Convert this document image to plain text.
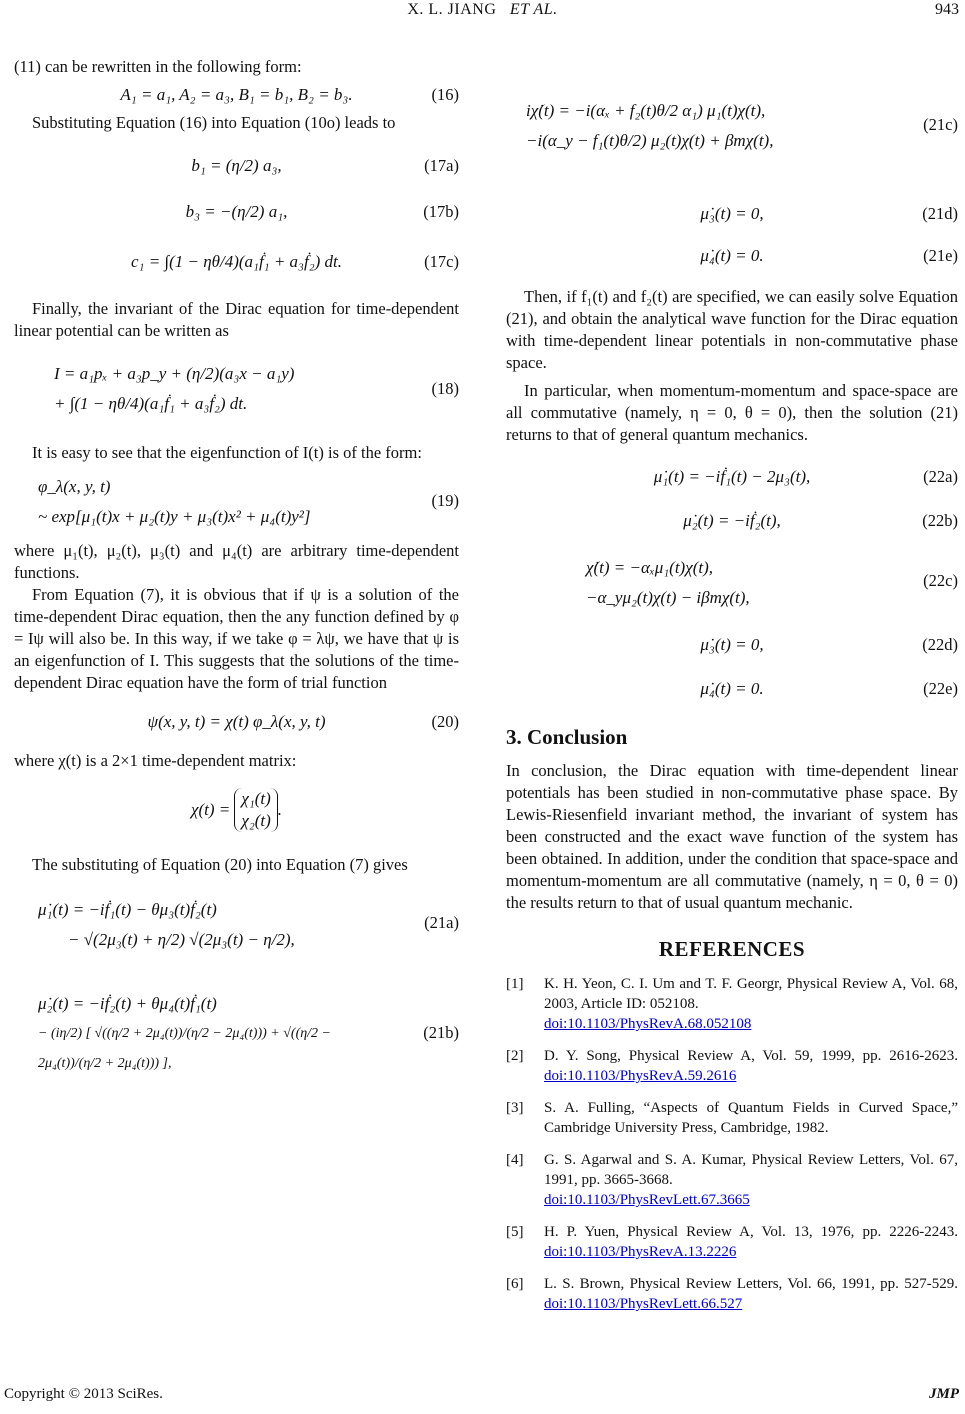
X. L. JIANG ET AL.	943

(11) can be rewritten in the following form:

A₁ = a₁, A₂ = a₃, B₁ = b₁, B₂ = b₃.	(16)

Substituting Equation (16) into Equation (10o) leads to

b₁ = (η/2) a₃,	(17a)
b₃ = −(η/2) a₁,	(17b)
c₁ = ∫(1 − ηθ/4)(a₁ḟ₁ + a₃ḟ₂) dt.	(17c)

Finally, the invariant of the Dirac equation for time-dependent linear potential can be written as

I = a₁pₓ + a₃p_y + (η/2)(a₃x − a₁y)
+ ∫(1 − ηθ/4)(a₁ḟ₁ + a₃ḟ₂) dt.
(18)

It is easy to see that the eigenfunction of I(t) is of the form:

φ_λ(x, y, t)
~ exp[μ₁(t)x + μ₂(t)y + μ₃(t)x² + μ₄(t)y²]
(19)

where μ₁(t), μ₂(t), μ₃(t) and μ₄(t) are arbitrary time-dependent functions.

From Equation (7), it is obvious that if ψ is a solution of the time-dependent Dirac equation, then the any function defined by φ = Iψ will also be. In this way, if we take φ = λψ, we have that ψ is an eigenfunction of I. This suggests that the solutions of the time-dependent Dirac equation have the form of trial function

ψ(x, y, t) = χ(t) φ_λ(x, y, t)	(20)

where χ(t) is a 2×1 time-dependent matrix:

χ(t) =

χ₁(t)
χ₂(t)
.

The substituting of Equation (20) into Equation (7) gives

μ̇₁(t) = −iḟ₁(t) − θμ₃(t)ḟ₂(t)
− √(2μ₃(t) + η/2) √(2μ₃(t) − η/2),
(21a)
μ̇₂(t) = −iḟ₂(t) + θμ₄(t)ḟ₁(t)
− (iη/2) [ √((η/2 + 2μ₄(t))/(η/2 − 2μ₄(t))) + √((η/2 − 2μ₄(t))/(η/2 + 2μ₄(t))) ],
(21b)
iχ̇(t) = −i(αₓ + f₂(t)θ/2 α₁) μ₁(t)χ(t),
−i(α_y − f₁(t)θ/2) μ₂(t)χ(t) + βmχ(t),
(21c)
μ̇₃(t) = 0,	(21d)
μ̇₄(t) = 0.	(21e)

Then, if f₁(t) and f₂(t) are specified, we can easily solve Equation (21), and obtain the analytical wave function for the Dirac equation with time-dependent linear potentials in non-commutative phase space.

In particular, when momentum-momentum and space-space are all commutative (namely, η = 0, θ = 0), then the solution (21) returns to that of general quantum mechanics.

μ̇₁(t) = −iḟ₁(t) − 2μ₃(t),	(22a)
μ̇₂(t) = −iḟ₂(t),	(22b)
χ̇(t) = −αₓμ₁(t)χ(t),
−α_yμ₂(t)χ(t) − iβmχ(t),
(22c)
μ̇₃(t) = 0,	(22d)
μ̇₄(t) = 0.	(22e)
3. Conclusion

In conclusion, the Dirac equation with time-dependent linear potentials has been studied in non-commutative phase space. By Lewis-Riesenfield invariant method, the invariant of system has been constructed and the exact wave function of the system has been obtained. In addition, under the condition that space-space and momentum-momentum are all commutative (namely, η = 0, θ = 0) the results return to that of usual quantum mechanic.

REFERENCES
[1]	K. H. Yeon, C. I. Um and T. F. Georgr, Physical Review A, Vol. 68, 2003, Article ID: 052108.
doi:10.1103/PhysRevA.68.052108
[2]	D. Y. Song, Physical Review A, Vol. 59, 1999, pp. 2616-2623. doi:10.1103/PhysRevA.59.2616
[3]	S. A. Fulling, “Aspects of Quantum Fields in Curved Space,” Cambridge University Press, Cambridge, 1982.
[4]	G. S. Agarwal and S. A. Kumar, Physical Review Letters, Vol. 67, 1991, pp. 3665-3668.
doi:10.1103/PhysRevLett.67.3665
[5]	H. P. Yuen, Physical Review A, Vol. 13, 1976, pp. 2226-2243. doi:10.1103/PhysRevA.13.2226
[6]	L. S. Brown, Physical Review Letters, Vol. 66, 1991, pp. 527-529. doi:10.1103/PhysRevLett.66.527
Copyright © 2013 SciRes.	JMP
